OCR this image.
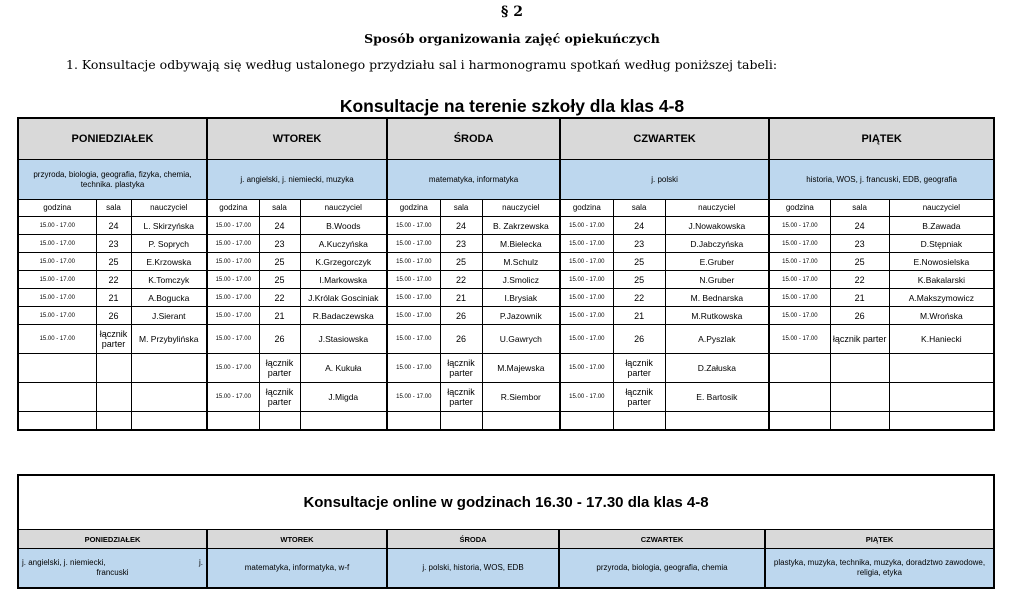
§ 2
Sposób organizowania zajęć opiekuńczych
1. Konsultacje odbywają się według ustalonego przydziału sal i harmonogramu spotkań według poniższej tabeli:
Konsultacje na terenie szkoły dla klas 4-8
PONIEDZIAŁEK			WTOREK			ŚRODA			CZWARTEK			PIĄTEK		
przyroda, biologia, geografia, fizyka, chemia, technika. plastyka			j. angielski, j. niemiecki, muzyka			matematyka, informatyka			j. polski			historia, WOS, j. francuski, EDB, geografia		
godzina	sala	nauczyciel	godzina	sala	nauczyciel	godzina	sala	nauczyciel	godzina	sala	nauczyciel	godzina	sala	nauczyciel
15.00 - 17.00	24	L. Skirzyńska	15.00 - 17.00	24	B.Woods	15.00 - 17.00	24	B. Zakrzewska	15.00 - 17.00	24	J.Nowakowska	15.00 - 17.00	24	B.Zawada
15.00 - 17.00	23	P. Soprych	15.00 - 17.00	23	A.Kuczyńska	15.00 - 17.00	23	M.Bielecka	15.00 - 17.00	23	D.Jabczyńska	15.00 - 17.00	23	D.Stępniak
15.00 - 17.00	25	E.Krzowska	15.00 - 17.00	25	K.Grzegorczyk	15.00 - 17.00	25	M.Schulz	15.00 - 17.00	25	E.Gruber	15.00 - 17.00	25	E.Nowosielska
15.00 - 17.00	22	K.Tomczyk	15.00 - 17.00	25	I.Markowska	15.00 - 17.00	22	J.Smolicz	15.00 - 17.00	25	N.Gruber	15.00 - 17.00	22	K.Bakalarski
15.00 - 17.00	21	A.Bogucka	15.00 - 17.00	22	J.Królak Gosciniak	15.00 - 17.00	21	I.Brysiak	15.00 - 17.00	22	M. Bednarska	15.00 - 17.00	21	A.Makszymowicz
15.00 - 17.00	26	J.Sierant	15.00 - 17.00	21	R.Badaczewska	15.00 - 17.00	26	P.Jazownik	15.00 - 17.00	21	M.Rutkowska	15.00 - 17.00	26	M.Wrońska
15.00 - 17.00	łącznik parter	M. Przybylińska	15.00 - 17.00	26	J.Stasiowska	15.00 - 17.00	26	U.Gawrych	15.00 - 17.00	26	A.Pyszlak	15.00 - 17.00	łącznik parter	K.Haniecki
			15.00 - 17.00	łącznik parter	A. Kukuła	15.00 - 17.00	łącznik parter	M.Majewska	15.00 - 17.00	łącznik parter	D.Załuska			
			15.00 - 17.00	łącznik parter	J.Migda	15.00 - 17.00	łącznik parter	R.Siembor	15.00 - 17.00	łącznik parter	E. Bartosik			

Konsultacje online w godzinach 16.30 - 17.30 dla klas 4-8				
PONIEDZIAŁEK	WTOREK	ŚRODA	CZWARTEK	PIĄTEK

j. angielski, j. niemiecki, j.
francuski	matematyka, informatyka, w-f	j. polski, historia, WOS, EDB	przyroda, biologia, geografia, chemia	plastyka, muzyka, technika, muzyka, doradztwo zawodowe, religia, etyka
